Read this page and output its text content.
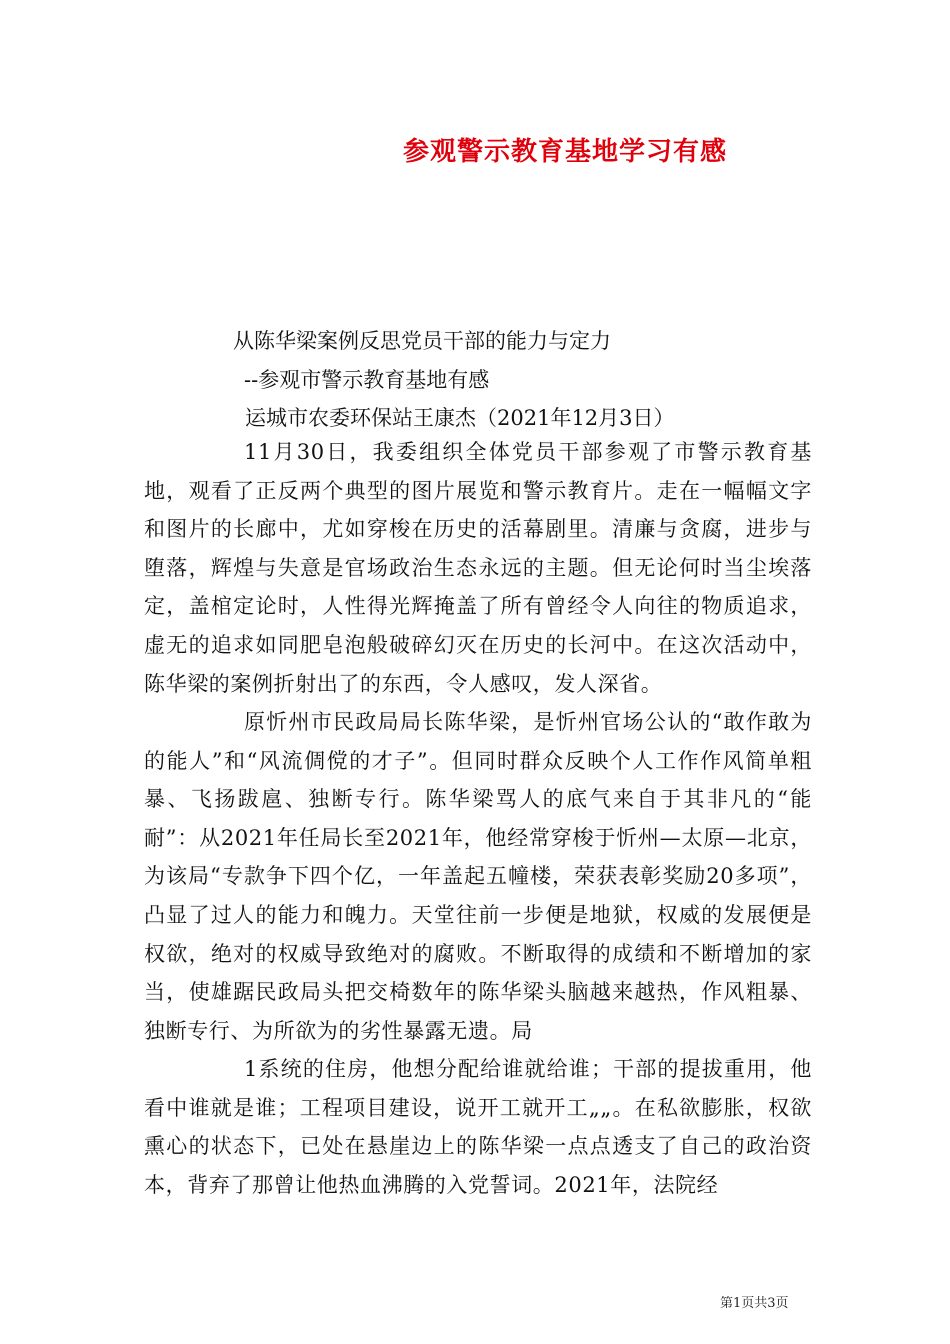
参观警示教育基地学习有感
从陈华梁案例反思党员干部的能力与定力
--参观市警示教育基地有感
运城市农委环保站王康杰（2021年12月3日）

11月30日，我委组织全体党员干部参观了市警示教育基地，观看了正反两个典型的图片展览和警示教育片。走在一幅幅文字和图片的长廊中，尤如穿梭在历史的活幕剧里。清廉与贪腐，进步与堕落，辉煌与失意是官场政治生态永远的主题。但无论何时当尘埃落定，盖棺定论时，人性得光辉掩盖了所有曾经令人向往的物质追求，虚无的追求如同肥皂泡般破碎幻灭在历史的长河中。在这次活动中，陈华梁的案例折射出了的东西，令人感叹，发人深省。

原忻州市民政局局长陈华梁，是忻州官场公认的“敢作敢为的能人”和“风流倜傥的才子”。但同时群众反映个人工作作风简单粗暴、飞扬跋扈、独断专行。陈华梁骂人的底气来自于其非凡的“能耐”：从2021年任局长至2021年，他经常穿梭于忻州—太原—北京，为该局“专款争下四个亿，一年盖起五幢楼，荣获表彰奖励20多项”，凸显了过人的能力和魄力。天堂往前一步便是地狱，权威的发展便是权欲，绝对的权威导致绝对的腐败。不断取得的成绩和不断增加的家当，使雄踞民政局头把交椅数年的陈华梁头脑越来越热，作风粗暴、独断专行、为所欲为的劣性暴露无遗。局

1系统的住房，他想分配给谁就给谁；干部的提拔重用，他看中谁就是谁；工程项目建设，说开工就开工„„。在私欲膨胀，权欲熏心的状态下，已处在悬崖边上的陈华梁一点点透支了自己的政治资本，背弃了那曾让他热血沸腾的入党誓词。2021年，法院经

第1页共3页
